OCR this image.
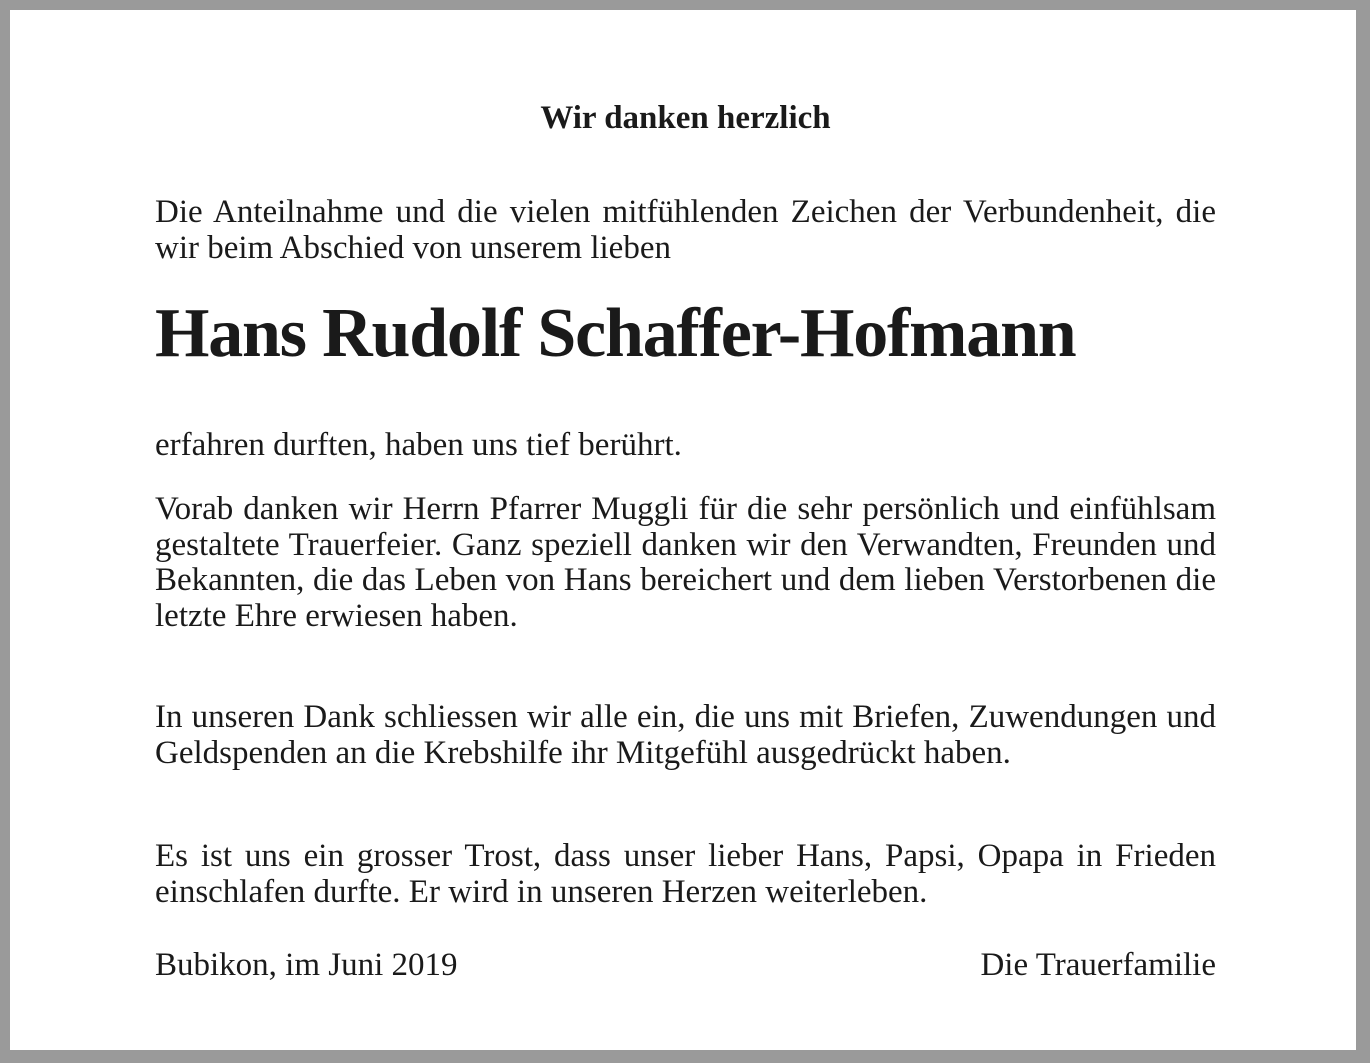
Wir danken herzlich

Die Anteilnahme und die vielen mitfühlenden Zeichen der Verbundenheit, die wir beim Abschied von unserem lieben

Hans Rudolf Schaffer-Hofmann

erfahren durften, haben uns tief berührt.

Vorab danken wir Herrn Pfarrer Muggli für die sehr persönlich und einfühlsam gestaltete Trauerfeier. Ganz speziell danken wir den Verwandten, Freunden und Bekannten, die das Leben von Hans bereichert und dem lieben Verstorbenen die letzte Ehre erwiesen haben.

In unseren Dank schliessen wir alle ein, die uns mit Briefen, Zuwendungen und Geldspenden an die Krebshilfe ihr Mitgefühl ausgedrückt haben.

Es ist uns ein grosser Trost, dass unser lieber Hans, Papsi, Opapa in Frieden einschlafen durfte. Er wird in unseren Herzen weiterleben.

Bubikon, im Juni 2019	Die Trauerfamilie
